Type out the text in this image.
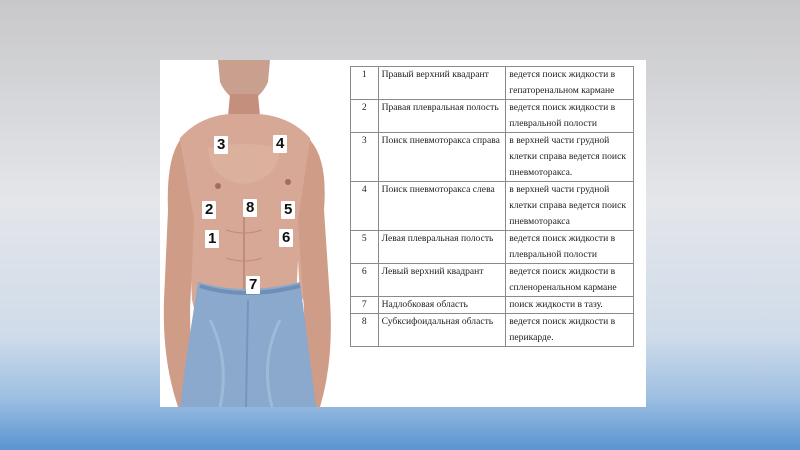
3	4
2 8 5
1	6
7
1	Правый верхний квадрант	ведется поиск жидкости в гепаторенальном кармане
2	Правая плевральная полость	ведется поиск жидкости в плевральной полости
3	Поиск пневмоторакса справа	в верхней части грудной клетки справа ведется поиск пневмоторакса.
4	Поиск пневмоторакса слева	в верхней части грудной клетки справа ведется поиск пневмоторакса
5	Левая плевральная полость	ведется поиск жидкости в плевральной полости
6	Левый верхний квадрант	ведется поиск жидкости в спленоренальном кармане
7	Надлобковая область	поиск жидкости в тазу.
8	Субксифоидальная область	ведется поиск жидкости в перикарде.
